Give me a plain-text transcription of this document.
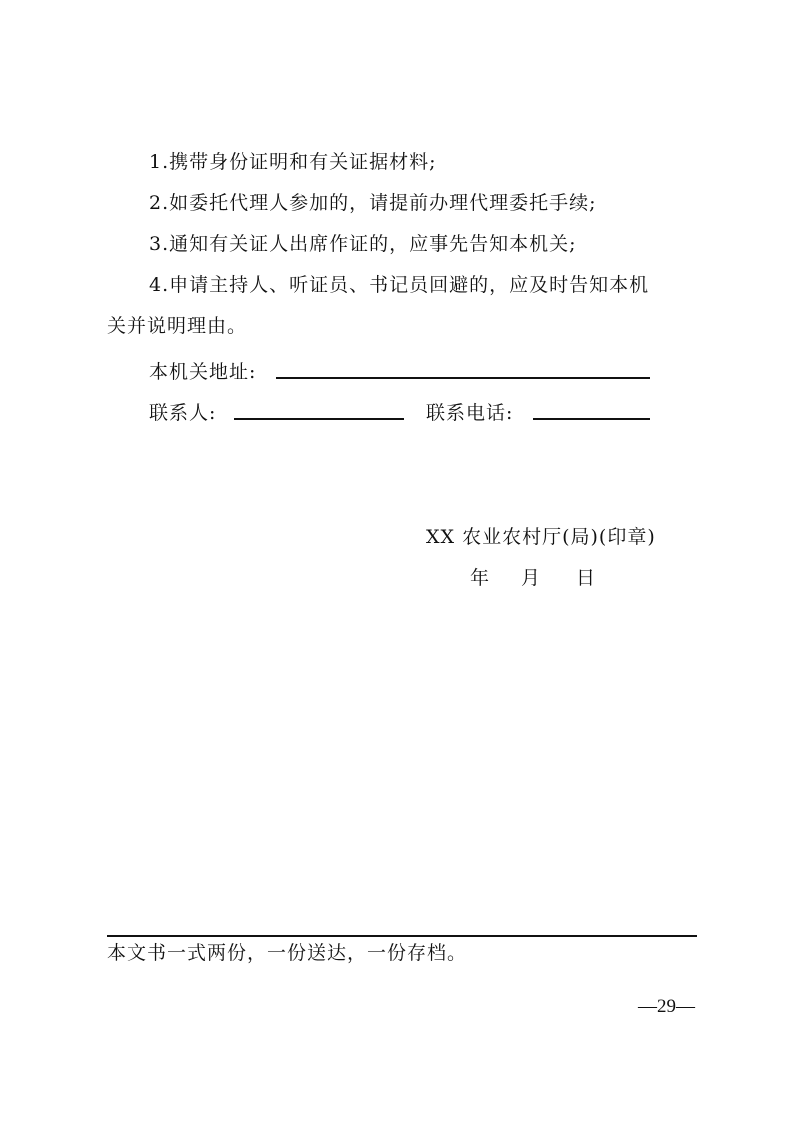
1.携带身份证明和有关证据材料;
2.如委托代理人参加的，请提前办理代理委托手续;
3.通知有关证人出席作证的，应事先告知本机关;
4.申请主持人、听证员、书记员回避的，应及时告知本机
关并说明理由。
本机关地址:
联系人:	联系电话:
XX 农业农村厅(局)(印章)
年 月 日
本文书一式两份，一份送达，一份存档。
—29—
